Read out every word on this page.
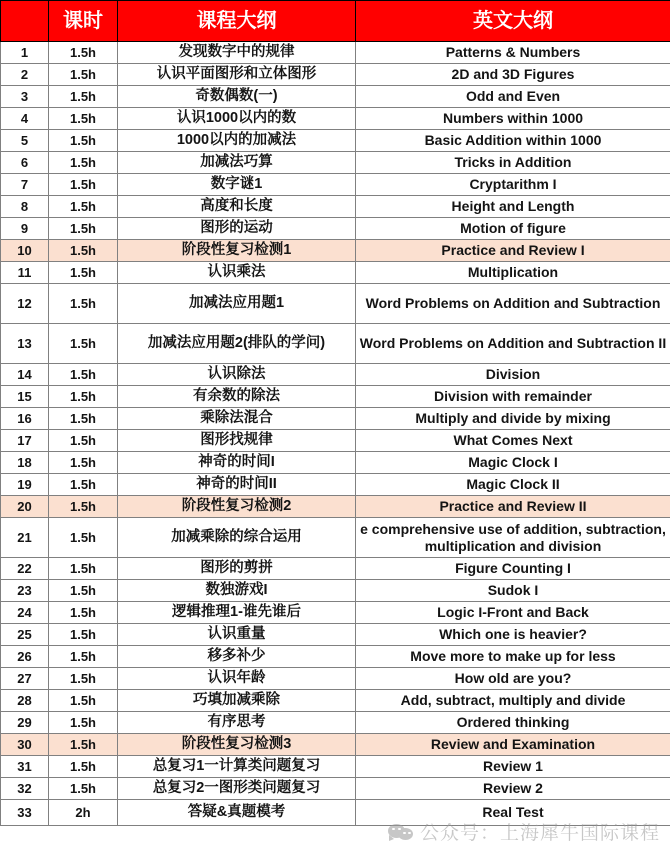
	课时	课程大纲	英文大纲
1	1.5h	发现数字中的规律	Patterns & Numbers
2	1.5h	认识平面图形和立体图形	2D and 3D Figures
3	1.5h	奇数偶数(一)	Odd and Even
4	1.5h	认识1000以内的数	Numbers within 1000
5	1.5h	1000以内的加减法	Basic Addition within 1000
6	1.5h	加减法巧算	Tricks in Addition
7	1.5h	数字谜1	Cryptarithm I
8	1.5h	高度和长度	Height and Length
9	1.5h	图形的运动	Motion of figure
10	1.5h	阶段性复习检测1	Practice and Review I
11	1.5h	认识乘法	Multiplication
12	1.5h	加减法应用题1	Word Problems on Addition and Subtraction
13	1.5h	加减法应用题2(排队的学问)	Word Problems on Addition and Subtraction II
14	1.5h	认识除法	Division
15	1.5h	有余数的除法	Division with remainder
16	1.5h	乘除法混合	Multiply and divide by mixing
17	1.5h	图形找规律	What Comes Next
18	1.5h	神奇的时间I	Magic Clock I
19	1.5h	神奇的时间II	Magic Clock II
20	1.5h	阶段性复习检测2	Practice and Review II
21	1.5h	加减乘除的综合运用	e comprehensive use of addition, subtraction, multiplication and division
22	1.5h	图形的剪拼	Figure Counting I
23	1.5h	数独游戏I	Sudok I
24	1.5h	逻辑推理1-谁先谁后	Logic I-Front and Back
25	1.5h	认识重量	Which one is heavier?
26	1.5h	移多补少	Move more to make up for less
27	1.5h	认识年龄	How old are you?
28	1.5h	巧填加减乘除	Add, subtract, multiply and divide
29	1.5h	有序思考	Ordered thinking
30	1.5h	阶段性复习检测3	Review and Examination
31	1.5h	总复习1一计算类问题复习	Review 1
32	1.5h	总复习2一图形类问题复习	Review 2
33	2h	答疑&真题模考	Real Test
公众号：上海犀牛国际课程
